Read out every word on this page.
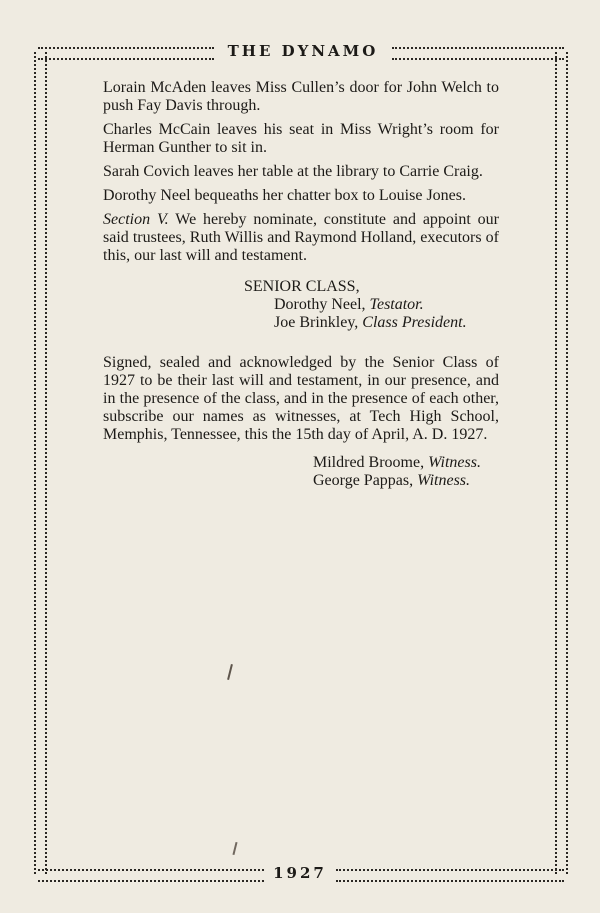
THE DYNAMO

Lorain McAden leaves Miss Cullen’s door for John Welch to push Fay Davis through.

Charles McCain leaves his seat in Miss Wright’s room for Herman Gunther to sit in.

Sarah Covich leaves her table at the library to Carrie Craig.

Dorothy Neel bequeaths her chatter box to Louise Jones.

Section V. We hereby nominate, constitute and appoint our said trustees, Ruth Willis and Raymond Holland, executors of this, our last will and testament.

SENIOR CLASS,
Dorothy Neel, Testator.
Joe Brinkley, Class President.

Signed, sealed and acknowledged by the Senior Class of 1927 to be their last will and testament, in our presence, and in the presence of the class, and in the presence of each other, subscribe our names as witnesses, at Tech High School, Memphis, Tennessee, this the 15th day of April, A. D. 1927.

Mildred Broome, Witness.
George Pappas, Witness.
1927
